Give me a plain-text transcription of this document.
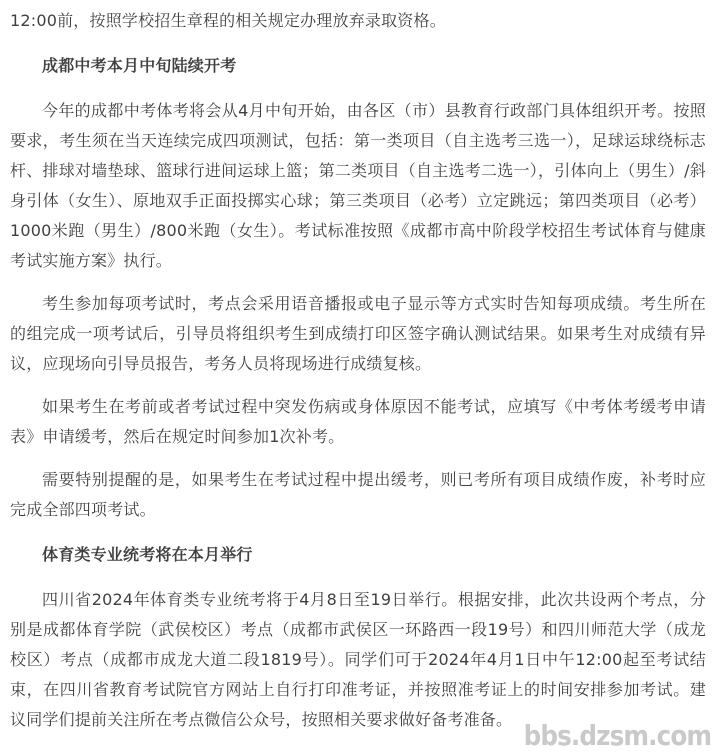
12:00前，按照学校招生章程的相关规定办理放弃录取资格。

成都中考本月中旬陆续开考

今年的成都中考体考将会从4月中旬开始，由各区（市）县教育行政部门具体组织开考。按照要求，考生须在当天连续完成四项测试，包括：第一类项目（自主选考三选一），足球运球绕标志杆、排球对墙垫球、篮球行进间运球上篮；第二类项目（自主选考二选一），引体向上（男生）/斜身引体（女生）、原地双手正面投掷实心球；第三类项目（必考）立定跳远；第四类项目（必考）1000米跑（男生）/800米跑（女生）。考试标准按照《成都市高中阶段学校招生考试体育与健康考试实施方案》执行。

考生参加每项考试时，考点会采用语音播报或电子显示等方式实时告知每项成绩。考生所在的组完成一项考试后，引导员将组织考生到成绩打印区签字确认测试结果。如果考生对成绩有异议，应现场向引导员报告，考务人员将现场进行成绩复核。

如果考生在考前或者考试过程中突发伤病或身体原因不能考试，应填写《中考体考缓考申请表》申请缓考，然后在规定时间参加1次补考。

需要特别提醒的是，如果考生在考试过程中提出缓考，则已考所有项目成绩作废，补考时应完成全部四项考试。

体育类专业统考将在本月举行

四川省2024年体育类专业统考将于4月8日至19日举行。根据安排，此次共设两个考点，分别是成都体育学院（武侯校区）考点（成都市武侯区一环路西一段19号）和四川师范大学（成龙校区）考点（成都市成龙大道二段1819号）。同学们可于2024年4月1日中午12:00起至考试结束，在四川省教育考试院官方网站上自行打印准考证，并按照准考证上的时间安排参加考试。建议同学们提前关注所在考点微信公众号，按照相关要求做好备考准备。 bbs.dzsm.com
